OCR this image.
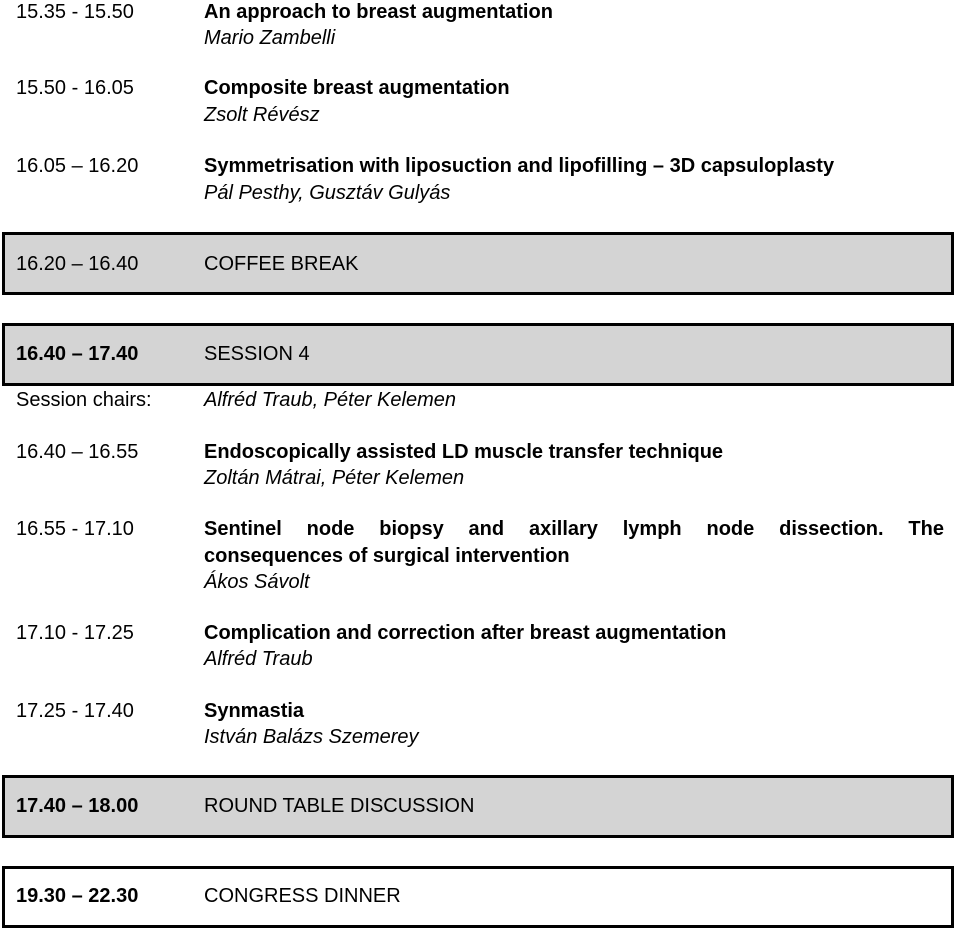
15.35 - 15.50	An approach to breast augmentation
Mario Zambelli
15.50 - 16.05	Composite breast augmentation
Zsolt Révész
16.05 – 16.20	Symmetrisation with liposuction and lipofilling – 3D capsuloplasty
Pál Pesthy, Gusztáv Gulyás
16.20 – 16.40	COFFEE BREAK
16.40 – 17.40	SESSION 4
Session chairs:	Alfréd Traub, Péter Kelemen
16.40 – 16.55	Endoscopically assisted LD muscle transfer technique
Zoltán Mátrai, Péter Kelemen
16.55 - 17.10	Sentinel node biopsy and axillary lymph node dissection. The
consequences of surgical intervention
Ákos Sávolt
17.10 - 17.25	Complication and correction after breast augmentation
Alfréd Traub
17.25 - 17.40	Synmastia
István Balázs Szemerey
17.40 – 18.00	ROUND TABLE DISCUSSION
19.30 – 22.30	CONGRESS DINNER
